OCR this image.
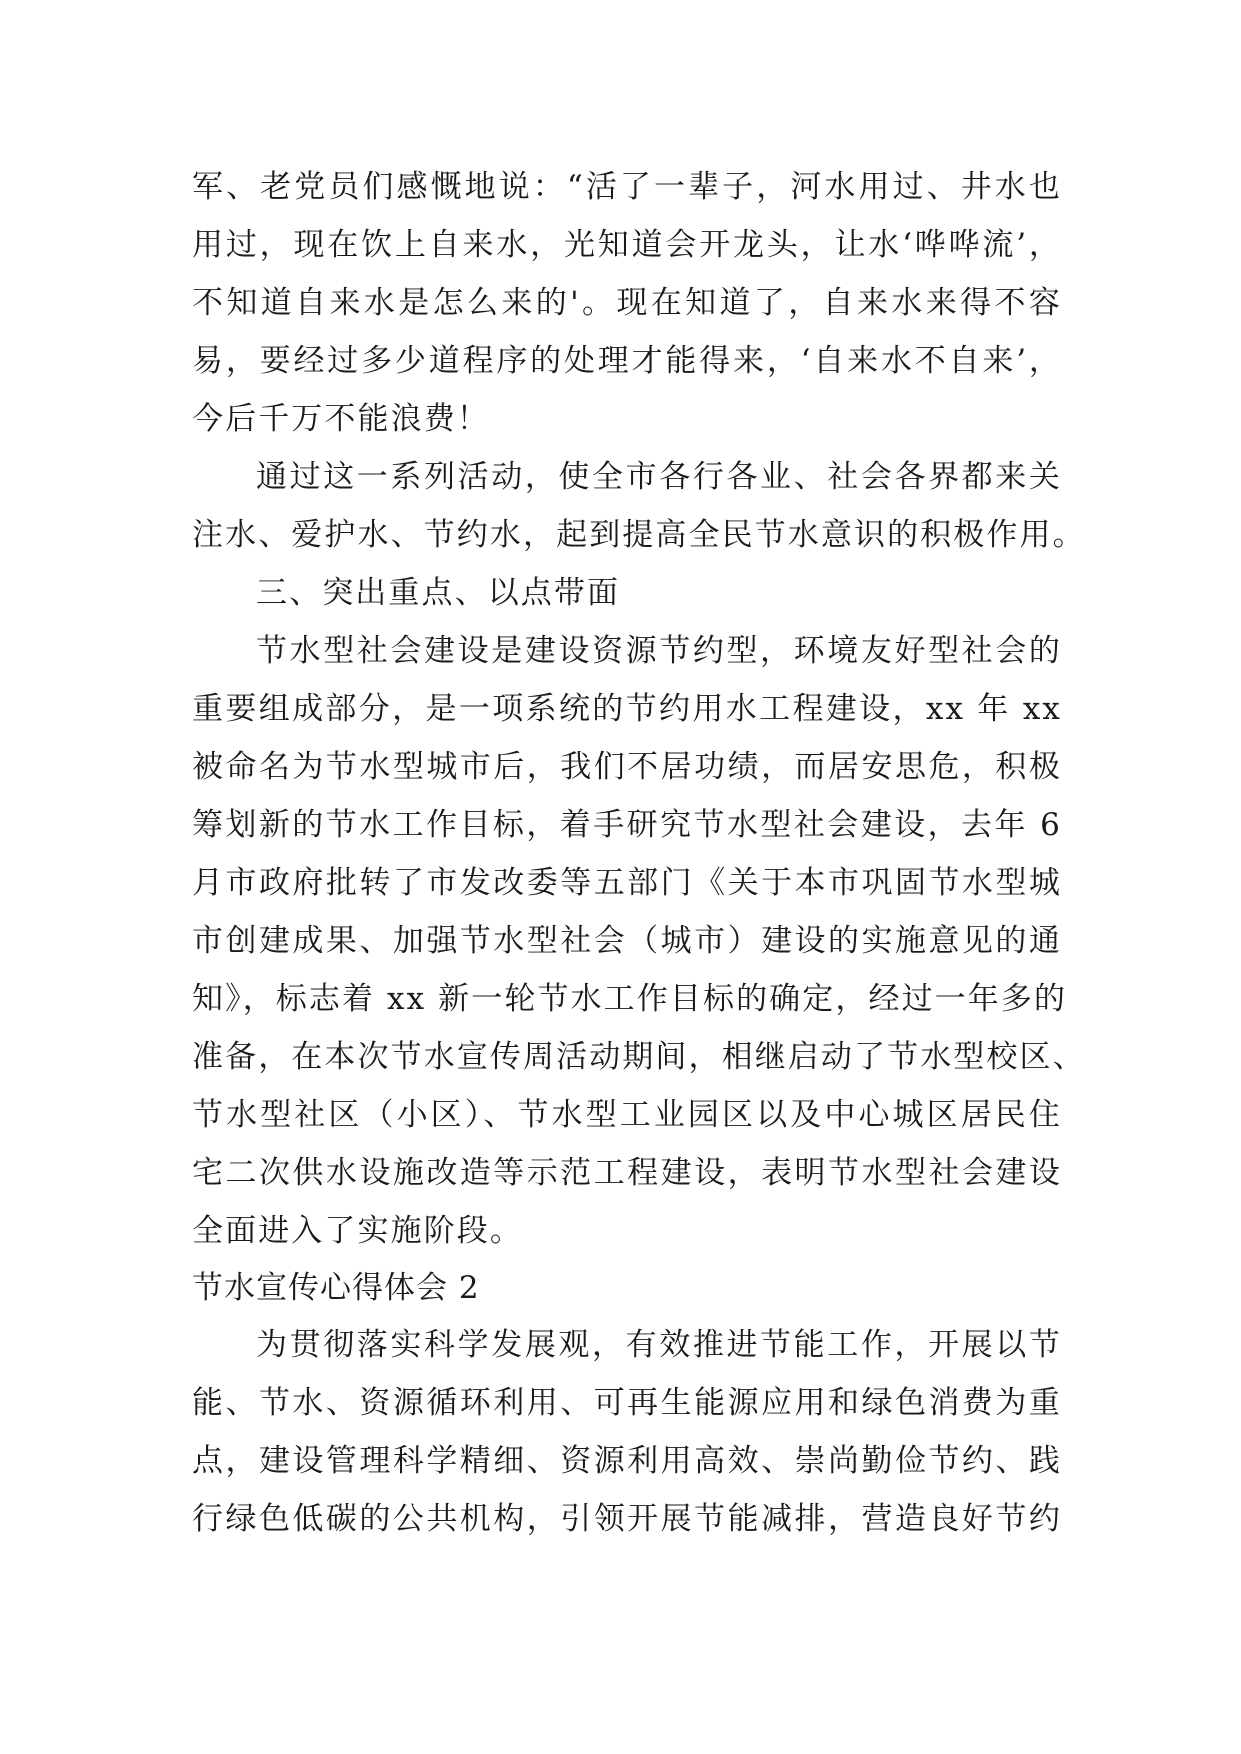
军、老党员们感慨地说：“活了一辈子，河水用过、井水也
用过，现在饮上自来水，光知道会开龙头，让水‘哗哗流’，
不知道自来水是怎么来的'。现在知道了，自来水来得不容
易，要经过多少道程序的处理才能得来，‘自来水不自来’，
今后千万不能浪费！
通过这一系列活动，使全市各行各业、社会各界都来关
注水、爱护水、节约水，起到提高全民节水意识的积极作用。
三、突出重点、以点带面
节水型社会建设是建设资源节约型，环境友好型社会的
重要组成部分，是一项系统的节约用水工程建设，xx 年 xx
被命名为节水型城市后，我们不居功绩，而居安思危，积极
筹划新的节水工作目标，着手研究节水型社会建设，去年 6
月市政府批转了市发改委等五部门《关于本市巩固节水型城
市创建成果、加强节水型社会（城市）建设的实施意见的通
知》，标志着 xx 新一轮节水工作目标的确定，经过一年多的
准备，在本次节水宣传周活动期间，相继启动了节水型校区、
节水型社区（小区）、节水型工业园区以及中心城区居民住
宅二次供水设施改造等示范工程建设，表明节水型社会建设
全面进入了实施阶段。
节水宣传心得体会 2
为贯彻落实科学发展观，有效推进节能工作，开展以节
能、节水、资源循环利用、可再生能源应用和绿色消费为重
点，建设管理科学精细、资源利用高效、崇尚勤俭节约、践
行绿色低碳的公共机构，引领开展节能减排，营造良好节约
